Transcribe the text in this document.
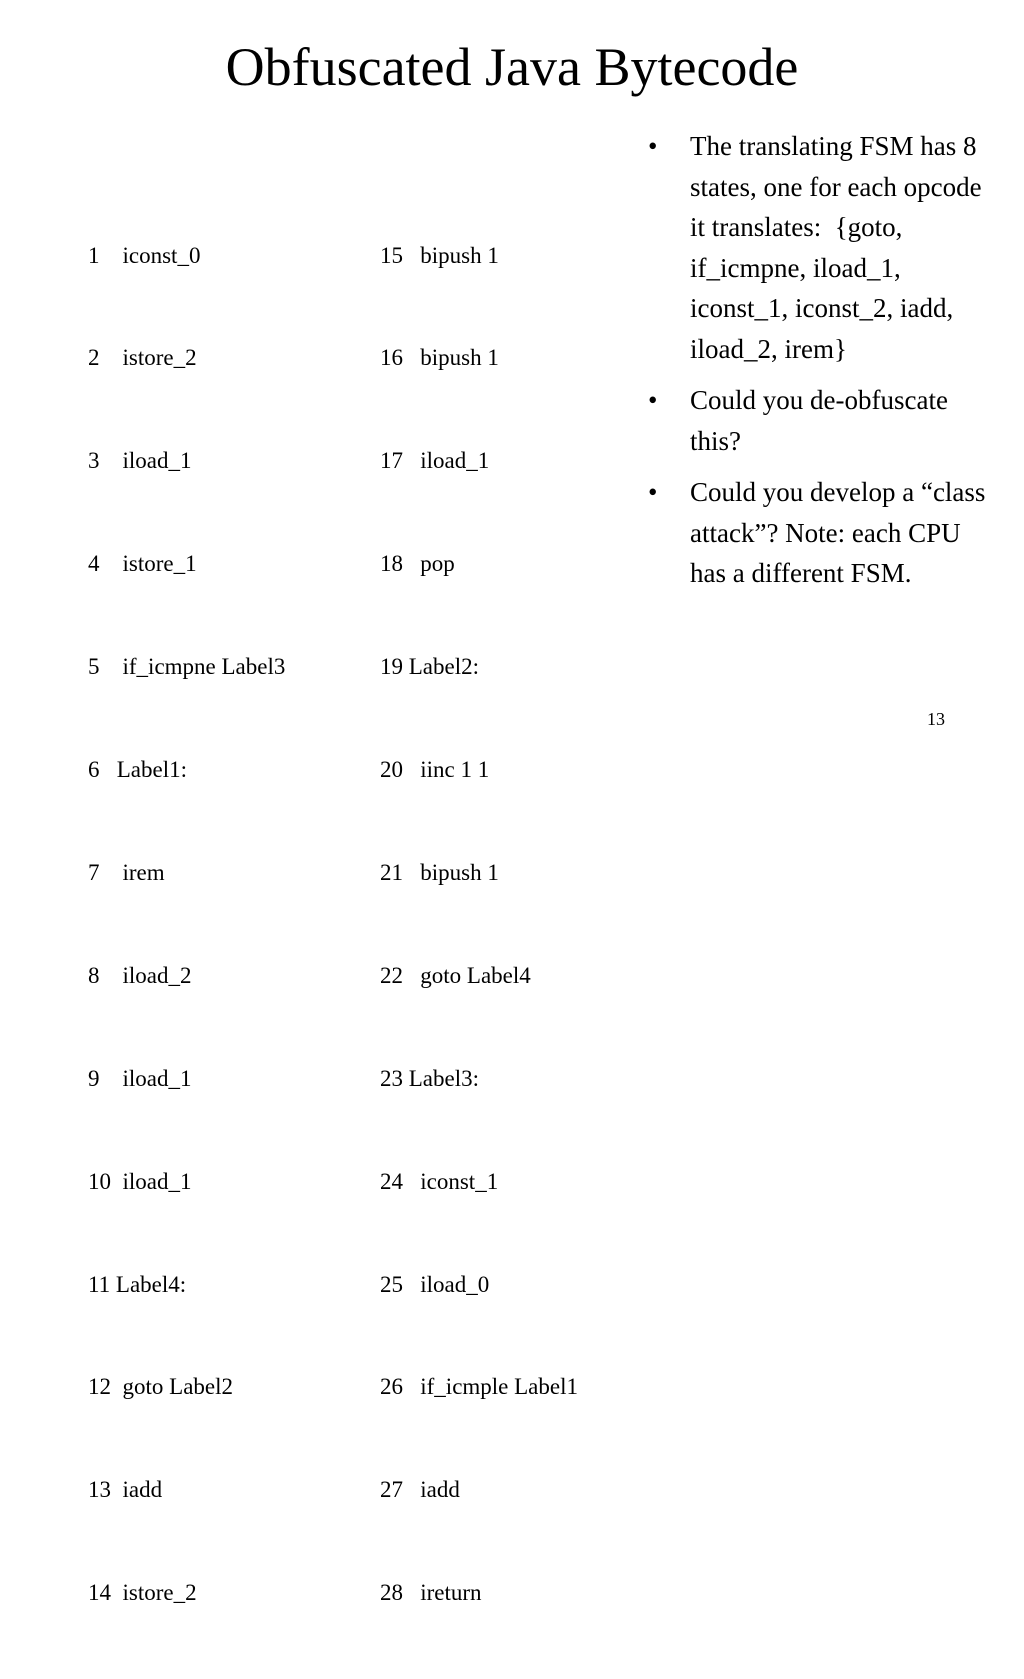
Obfuscated Java Bytecode

1    iconst_0

2    istore_2

3    iload_1

4    istore_1

5    if_icmpne Label3

6   Label1:

7    irem

8    iload_2

9    iload_1

10  iload_1

11 Label4:

12  goto Label2

13  iadd

14  istore_2

15   bipush 1

16   bipush 1

17   iload_1

18   pop

19 Label2:

20   iinc 1 1

21   bipush 1

22   goto Label4

23 Label3:

24   iconst_1

25   iload_0

26   if_icmple Label1

27   iadd

28   ireturn

•	The translating FSM has 8 states, one for each opcode it translates:  {goto, if_icmpne, iload_1, iconst_1, iconst_2, iadd, iload_2, irem}
•	Could you de-obfuscate this?
•	Could you develop a “class attack”? Note: each CPU has a different FSM.
13
